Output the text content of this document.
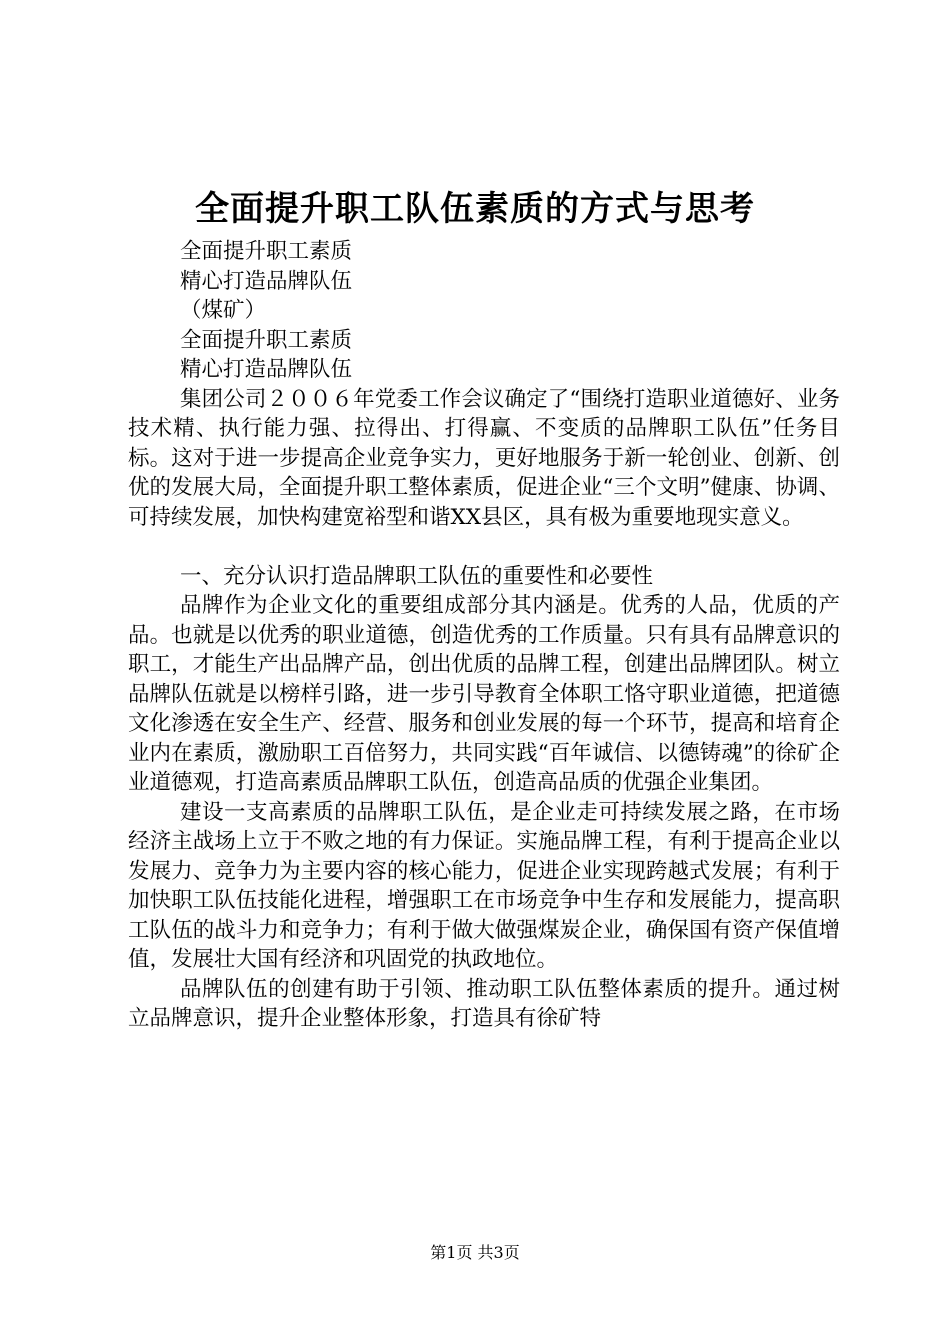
全面提升职工队伍素质的方式与思考

全面提升职工素质

精心打造品牌队伍

（煤矿）

全面提升职工素质

精心打造品牌队伍

集团公司２００６年党委工作会议确定了“围绕打造职业道德好、业务技术精、执行能力强、拉得出、打得赢、不变质的品牌职工队伍”任务目标。这对于进一步提高企业竞争实力，更好地服务于新一轮创业、创新、创优的发展大局，全面提升职工整体素质，促进企业“三个文明”健康、协调、可持续发展，加快构建宽裕型和谐XX县区，具有极为重要地现实意义。

一、充分认识打造品牌职工队伍的重要性和必要性

品牌作为企业文化的重要组成部分其内涵是。优秀的人品，优质的产品。也就是以优秀的职业道德，创造优秀的工作质量。只有具有品牌意识的职工，才能生产出品牌产品，创出优质的品牌工程，创建出品牌团队。树立品牌队伍就是以榜样引路，进一步引导教育全体职工恪守职业道德，把道德文化渗透在安全生产、经营、服务和创业发展的每一个环节，提高和培育企业内在素质，激励职工百倍努力，共同实践“百年诚信、以德铸魂”的徐矿企业道德观，打造高素质品牌职工队伍，创造高品质的优强企业集团。

建设一支高素质的品牌职工队伍，是企业走可持续发展之路，在市场经济主战场上立于不败之地的有力保证。实施品牌工程，有利于提高企业以发展力、竞争力为主要内容的核心能力，促进企业实现跨越式发展；有利于加快职工队伍技能化进程，增强职工在市场竞争中生存和发展能力，提高职工队伍的战斗力和竞争力；有利于做大做强煤炭企业，确保国有资产保值增值，发展壮大国有经济和巩固党的执政地位。

品牌队伍的创建有助于引领、推动职工队伍整体素质的提升。通过树立品牌意识，提升企业整体形象，打造具有徐矿特

第1页 共3页
